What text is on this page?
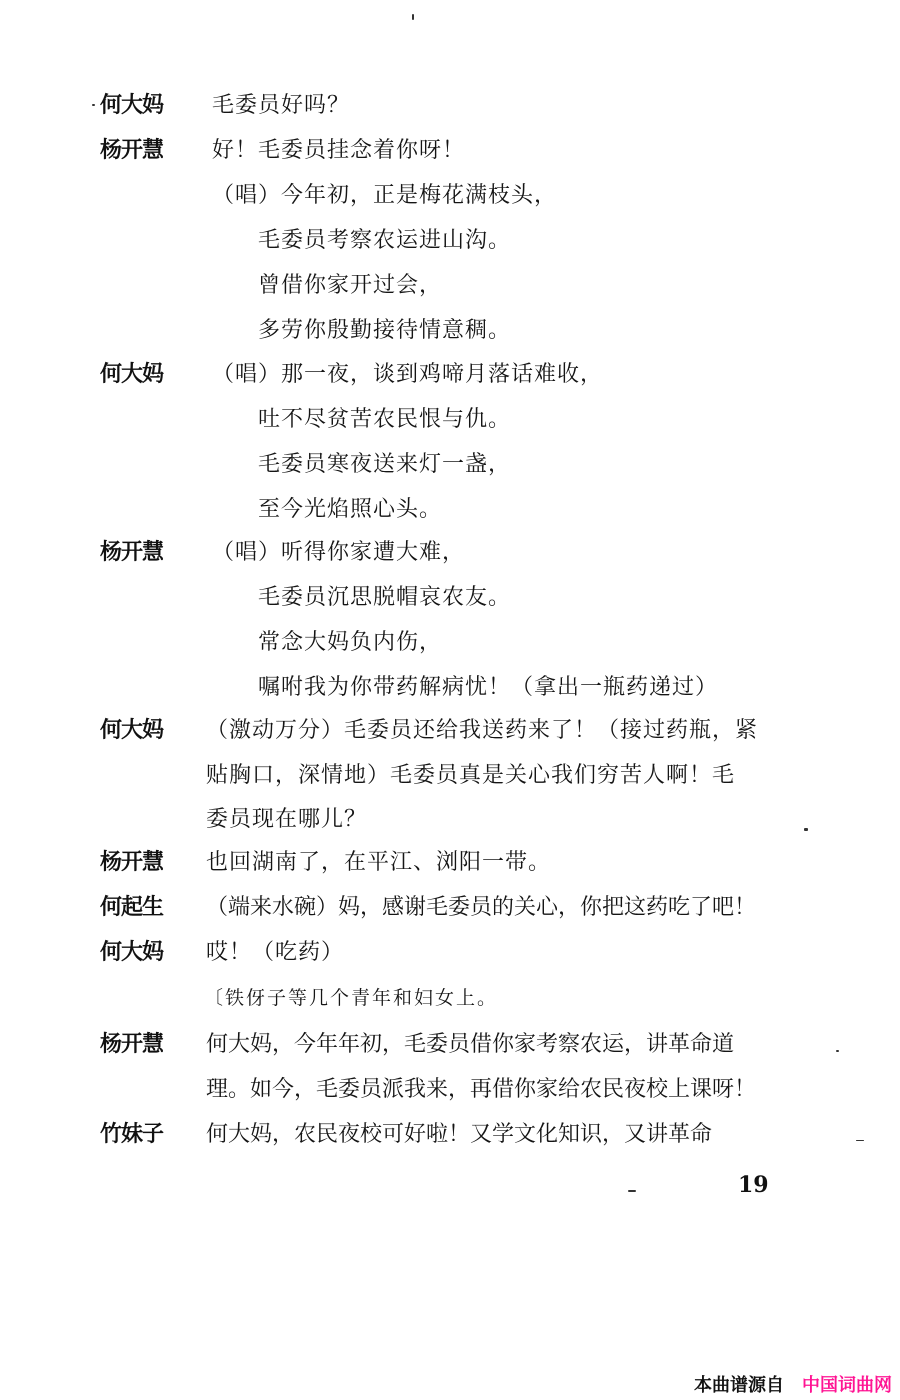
何大妈	毛委员好吗？
杨开慧	好！毛委员挂念着你呀！
（唱）今年初，正是梅花满枝头，
毛委员考察农运进山沟。
曾借你家开过会，
多劳你殷勤接待情意稠。
何大妈	（唱）那一夜，谈到鸡啼月落话难收，
吐不尽贫苦农民恨与仇。
毛委员寒夜送来灯一盏，
至今光焰照心头。
杨开慧	（唱）听得你家遭大难，
毛委员沉思脱帽哀农友。
常念大妈负内伤，
嘱咐我为你带药解病忧！（拿出一瓶药递过）
何大妈	（激动万分）毛委员还给我送药来了！（接过药瓶，紧
贴胸口，深情地）毛委员真是关心我们穷苦人啊！毛
委员现在哪儿？
杨开慧	也回湖南了，在平江、浏阳一带。
何起生	（端来水碗）妈，感谢毛委员的关心，你把这药吃了吧！
何大妈	哎！（吃药）
〔铁伢子等几个青年和妇女上。
杨开慧	何大妈，今年年初，毛委员借你家考察农运，讲革命道
理。如今，毛委员派我来，再借你家给农民夜校上课呀！
竹妹子	何大妈，农民夜校可好啦！又学文化知识，又讲革命
19
本曲谱源自 中国词曲网
